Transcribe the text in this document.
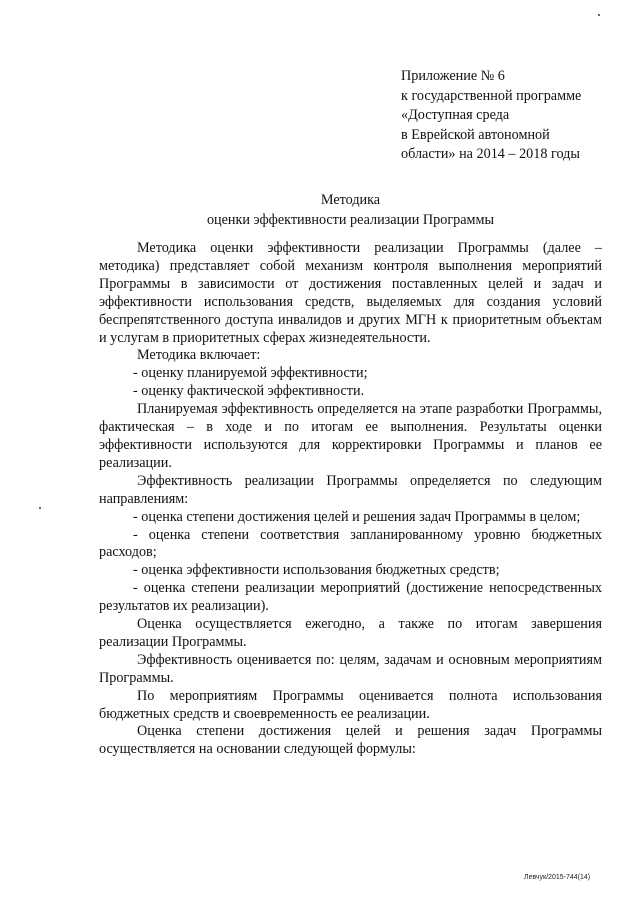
Приложение № 6
к государственной программе
«Доступная среда
в Еврейской автономной
области» на 2014 – 2018 годы
Методика
оценки эффективности реализации Программы

Методика оценки эффективности реализации Программы (далее – методика) представляет собой механизм контроля выполнения мероприятий Программы в зависимости от достижения поставленных целей и задач и эффективности использования средств, выделяемых для создания условий беспрепятственного доступа инвалидов и других МГН к приоритетным объектам и услугам в приоритетных сферах жизнедеятельности.

Методика включает:

- оценку планируемой эффективности;

- оценку фактической эффективности.

Планируемая эффективность определяется на этапе разработки Программы, фактическая – в ходе и по итогам ее выполнения. Результаты оценки эффективности используются для корректировки Программы и планов ее реализации.

Эффективность реализации Программы определяется по следующим направлениям:

- оценка степени достижения целей и решения задач Программы в целом;

- оценка степени соответствия запланированному уровню бюджетных расходов;

- оценка эффективности использования бюджетных средств;

- оценка степени реализации мероприятий (достижение непосредственных результатов их реализации).

Оценка осуществляется ежегодно, а также по итогам завершения реализации Программы.

Эффективность оценивается по: целям, задачам и основным мероприятиям Программы.

По мероприятиям Программы оценивается полнота использования бюджетных средств и своевременность ее реализации.

Оценка степени достижения целей и решения задач Программы осуществляется на основании следующей формулы:

Левчук/2015-744(14)
